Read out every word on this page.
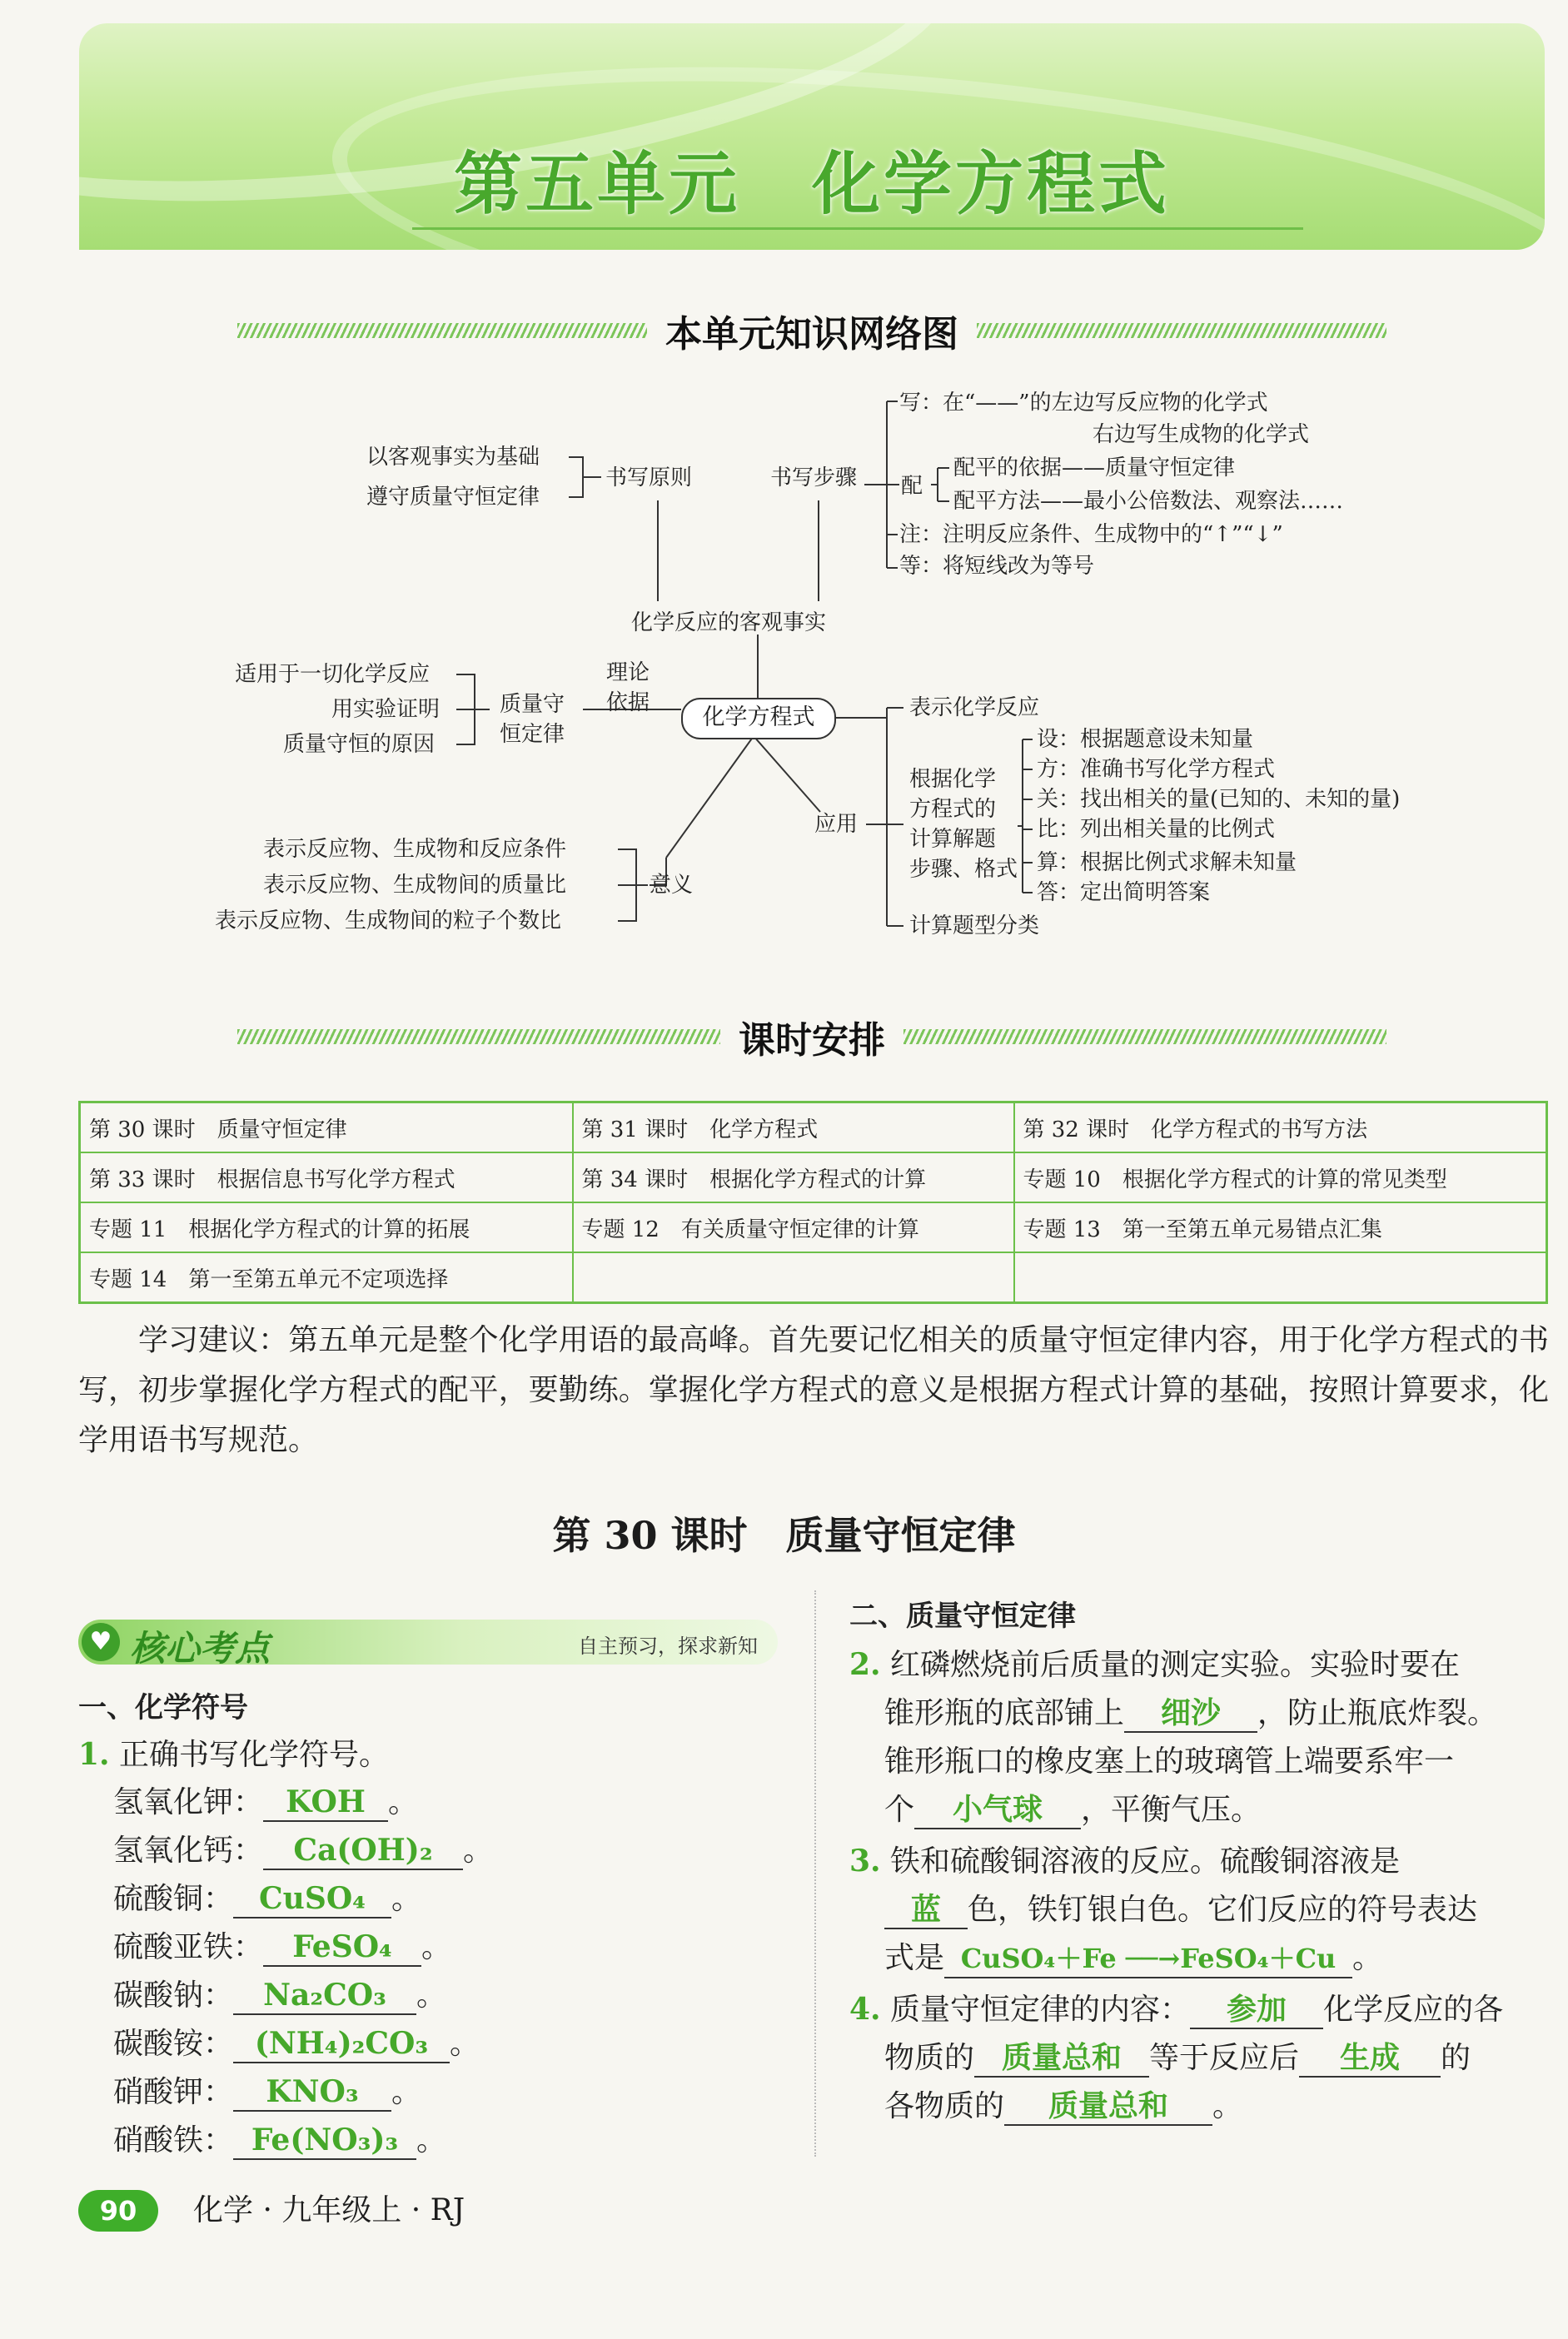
第五单元　化学方程式
本单元知识网络图
以客观事实为基础
遵守质量守恒定律
书写原则	书写步骤
写：在“——”的左边写反应物的化学式
右边写生成物的化学式
配
配平的依据——质量守恒定律
配平方法——最小公倍数法、观察法……
注：注明反应条件、生成物中的“↑”“↓”
等：将短线改为等号
化学反应的客观事实
化学方程式
理论
依据
质量守
恒定律
适用于一切化学反应
用实验证明
质量守恒的原因
表示化学反应
应用
根据化学
方程式的
计算解题
步骤、格式
设：根据题意设未知量
方：准确书写化学方程式
关：找出相关的量(已知的、未知的量)
比：列出相关量的比例式
算：根据比例式求解未知量
答：定出简明答案
计算题型分类
表示反应物、生成物和反应条件
表示反应物、生成物间的质量比
表示反应物、生成物间的粒子个数比
意义
课时安排
第 30 课时　质量守恒定律	第 31 课时　化学方程式	第 32 课时　化学方程式的书写方法
第 33 课时　根据信息书写化学方程式	第 34 课时　根据化学方程式的计算	专题 10　根据化学方程式的计算的常见类型
专题 11　根据化学方程式的计算的拓展	专题 12　有关质量守恒定律的计算	专题 13　第一至第五单元易错点汇集
专题 14　第一至第五单元不定项选择		
学习建议：第五单元是整个化学用语的最高峰。首先要记忆相关的质量守恒定律内容，用于化学方程式的书写，初步掌握化学方程式的配平，要勤练。掌握化学方程式的意义是根据方程式计算的基础，按照计算要求，化学用语书写规范。
第 30 课时　质量守恒定律
♥ 核心考点	自主预习，探求新知
一、化学符号
1. 正确书写化学符号。
氢氧化钾： KOH 。
氢氧化钙： Ca(OH)₂ 。
硫酸铜： CuSO₄ 。
硫酸亚铁： FeSO₄ 。
碳酸钠： Na₂CO₃ 。
碳酸铵： (NH₄)₂CO₃ 。
硝酸钾： KNO₃ 。
硝酸铁： Fe(NO₃)₃ 。
二、质量守恒定律
2. 红磷燃烧前后质量的测定实验。实验时要在
锥形瓶的底部铺上 细沙 ，防止瓶底炸裂。
锥形瓶口的橡皮塞上的玻璃管上端要系牢一
个 小气球 ，平衡气压。
3. 铁和硫酸铜溶液的反应。硫酸铜溶液是
蓝 色，铁钉银白色。它们反应的符号表达
式是 CuSO₄＋Fe ──→FeSO₄＋Cu 。
4. 质量守恒定律的内容： 参加 化学反应的各
物质的 质量总和 等于反应后 生成 的
各物质的 质量总和 。
90	化学 · 九年级上 · RJ
